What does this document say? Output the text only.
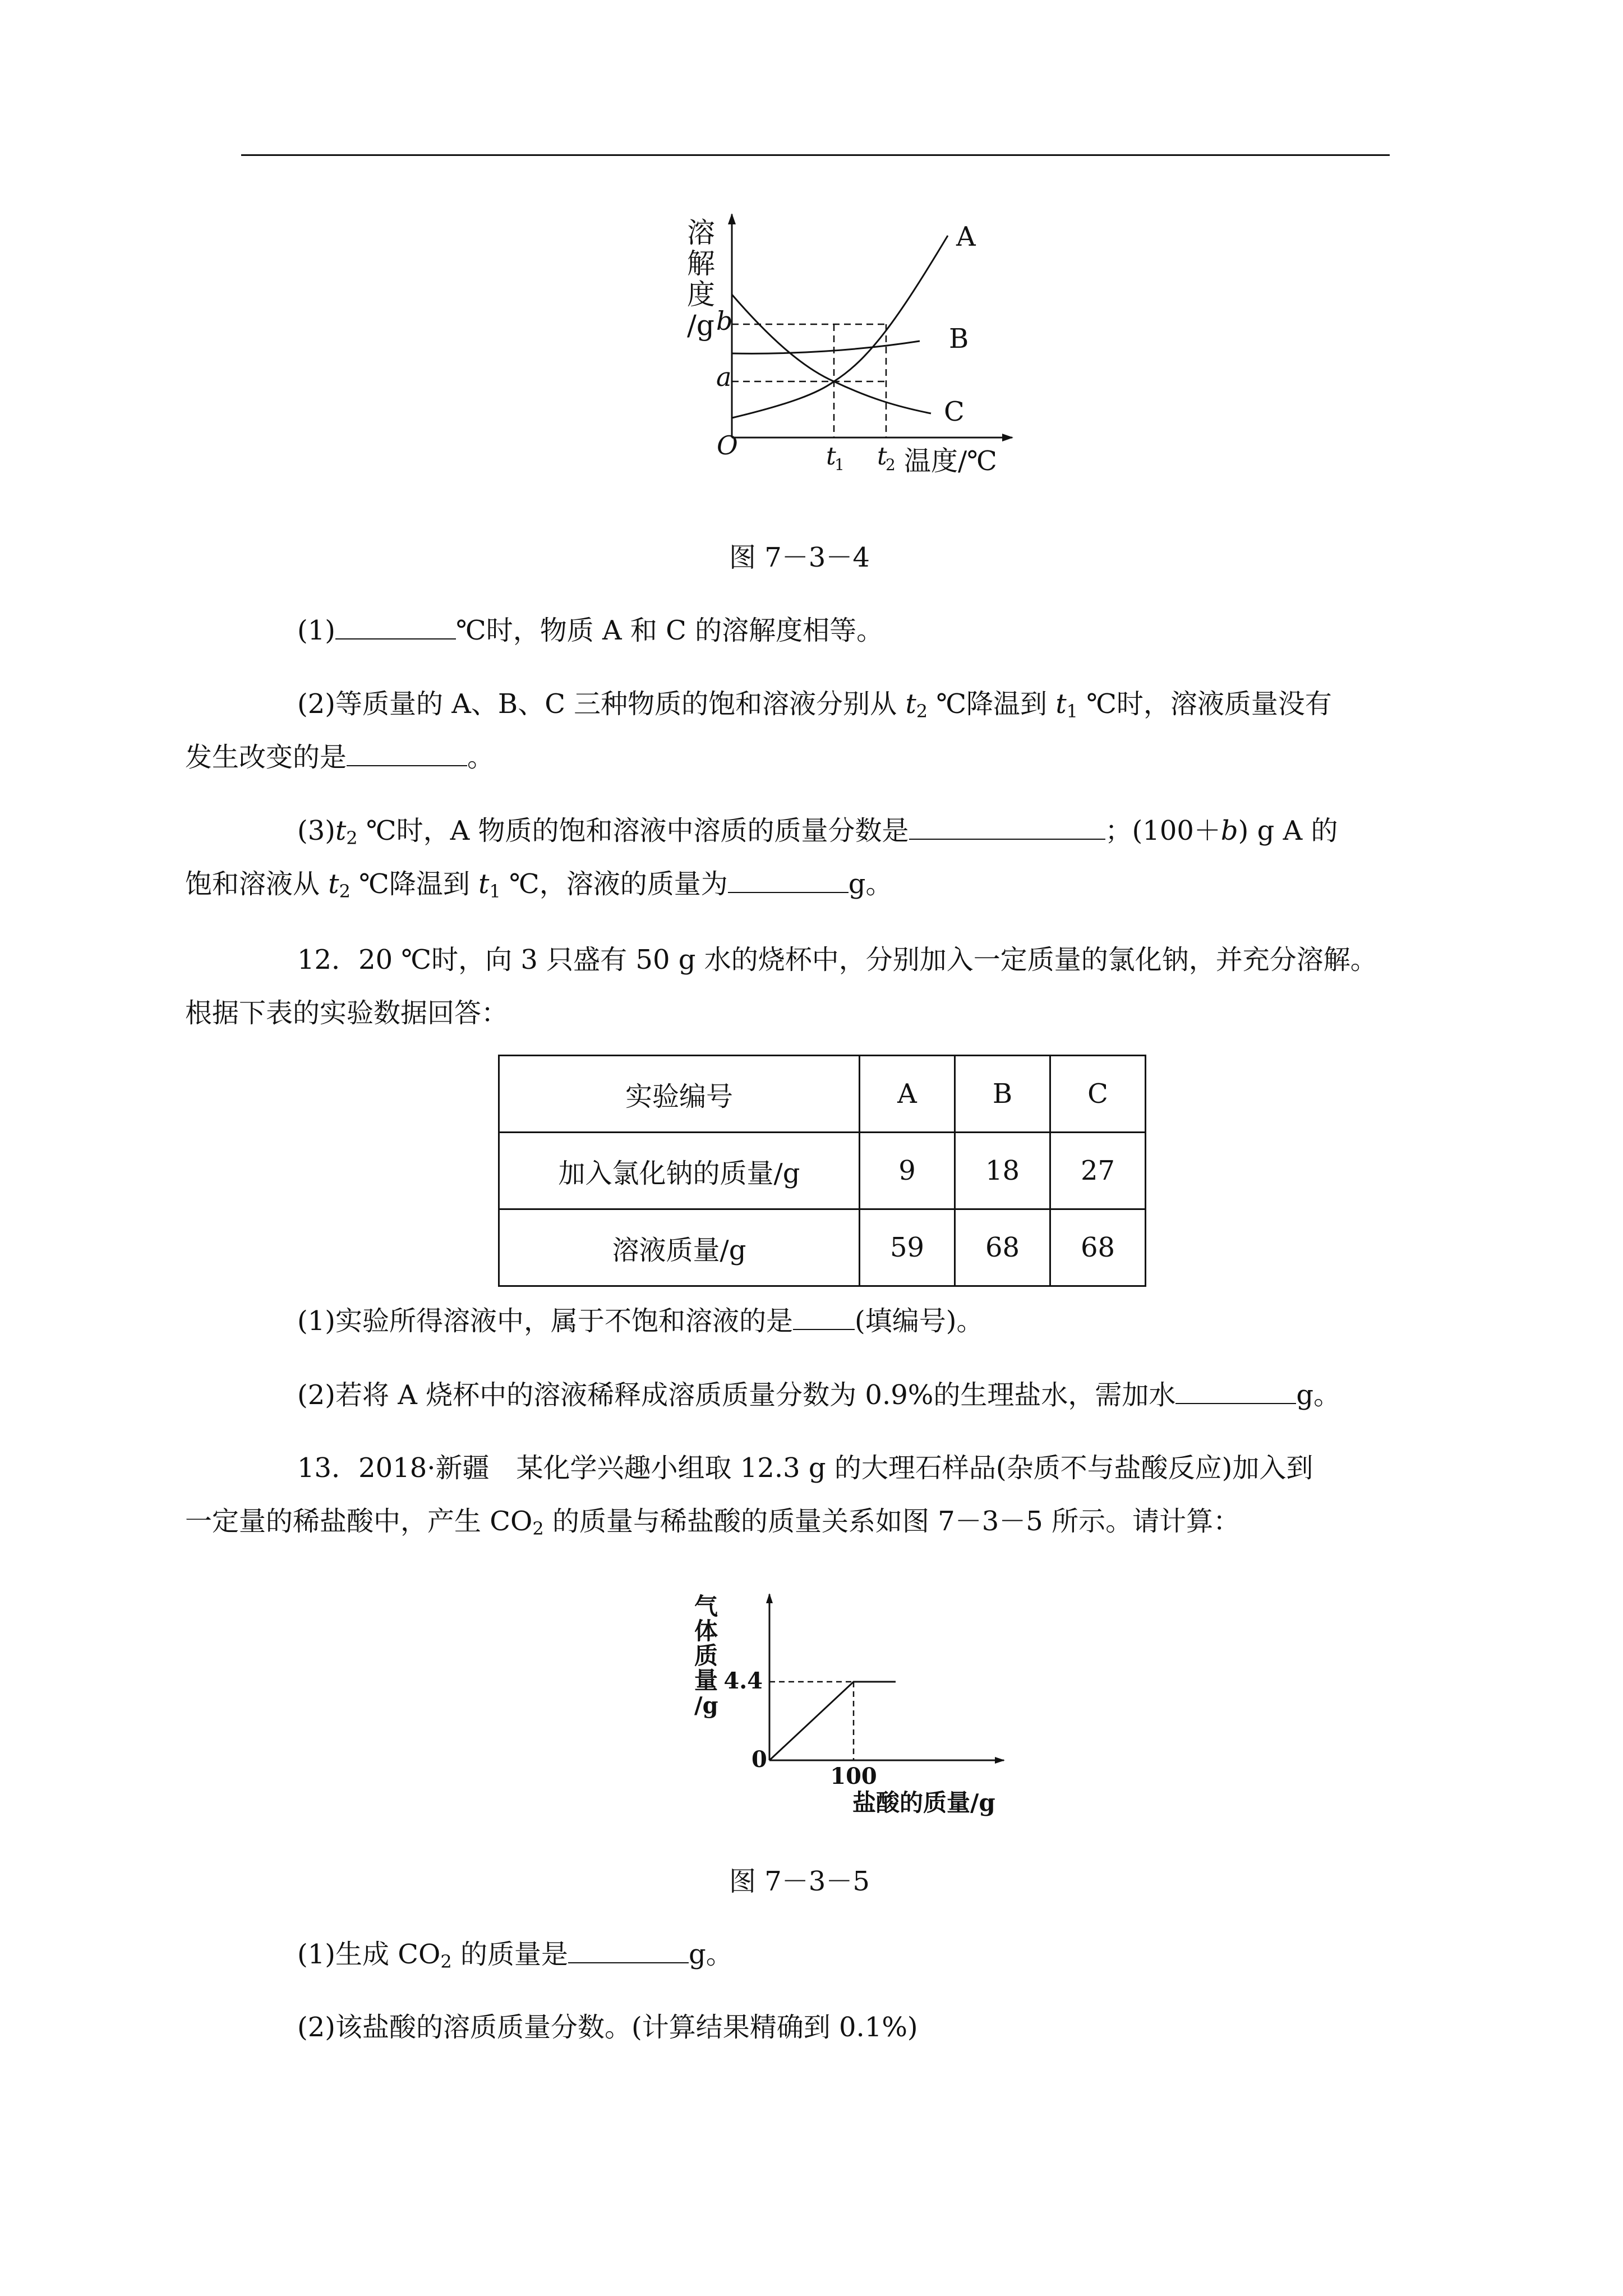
溶
解
度
/g b
a
O
A
B
C
t
1 t
2 温度/℃
图 7－3－4
(1)	℃时，物质 A 和 C 的溶解度相等。
(2)等质量的 A、B、C 三种物质的饱和溶液分别从 $t_2$ ℃降温到 $t_1$ ℃时，溶液质量没有
发生改变的是	。
$(3)t_2$ ℃时，A 物质的饱和溶液中溶质的质量分数是	；(100＋b) g A 的
饱和溶液从 $t_2$ ℃降温到 $t_1$ ℃，溶液的质量为	g。
12．20 ℃时，向 3 只盛有 50 g 水的烧杯中，分别加入一定质量的氯化钠，并充分溶解。
根据下表的实验数据回答：
实验编号	A	B	C
加入氯化钠的质量/g	9	18	27
溶液质量/g	59	68	68
(1)实验所得溶液中，属于不饱和溶液的是 (填编号)。
(2)若将 A 烧杯中的溶液稀释成溶质质量分数为 0.9%的生理盐水，需加水	g。
13．2018·新疆　某化学兴趣小组取 12.3 g 的大理石样品(杂质不与盐酸反应)加入到
一定量的稀盐酸中，产生 $CO_2$ 的质量与稀盐酸的质量关系如图 7－3－5 所示。请计算：
气
体
质
量
/g
0
4.4
100
盐酸的质量/g
图 7－3－5
(1)生成 $CO_2$ 的质量是	g。
(2)该盐酸的溶质质量分数。(计算结果精确到 0.1%)
